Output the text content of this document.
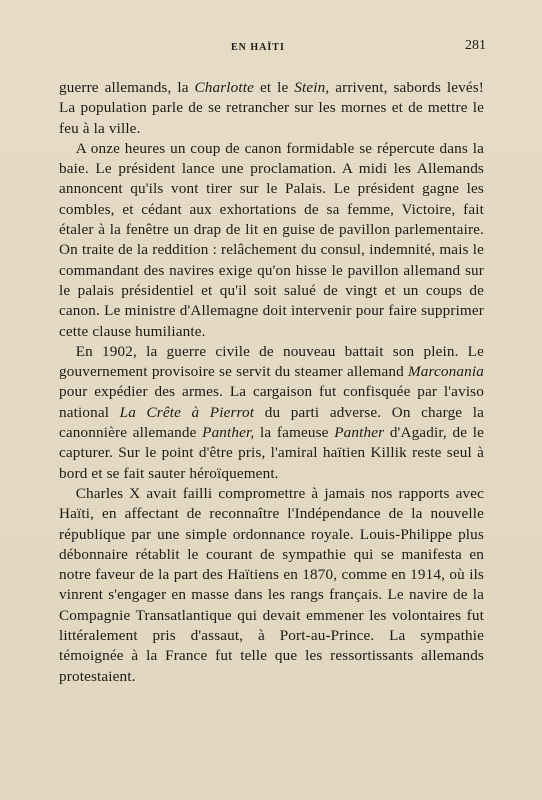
EN HAÏTI	281

guerre allemands, la Charlotte et le Stein, arrivent, sabords levés! La population parle de se retrancher sur les mornes et de mettre le feu à la ville.

A onze heures un coup de canon formidable se répercute dans la baie. Le président lance une proclamation. A midi les Allemands annoncent qu'ils vont tirer sur le Palais. Le président gagne les combles, et cédant aux exhortations de sa femme, Victoire, fait étaler à la fenêtre un drap de lit en guise de pavillon parlementaire. On traite de la reddition : relâchement du consul, indemnité, mais le commandant des navires exige qu'on hisse le pavillon allemand sur le palais présidentiel et qu'il soit salué de vingt et un coups de canon. Le ministre d'Allemagne doit intervenir pour faire supprimer cette clause humiliante.

En 1902, la guerre civile de nouveau battait son plein. Le gouvernement provisoire se servit du steamer allemand Marconania pour expédier des armes. La cargaison fut confisquée par l'aviso national La Crête à Pierrot du parti adverse. On charge la canonnière allemande Panther, la fameuse Panther d'Agadir, de le capturer. Sur le point d'être pris, l'amiral haïtien Killik reste seul à bord et se fait sauter héroïquement.

Charles X avait failli compromettre à jamais nos rapports avec Haïti, en affectant de reconnaître l'Indépendance de la nouvelle république par une simple ordonnance royale. Louis-Philippe plus débonnaire rétablit le courant de sympathie qui se manifesta en notre faveur de la part des Haïtiens en 1870, comme en 1914, où ils vinrent s'engager en masse dans les rangs français. Le navire de la Compagnie Transatlantique qui devait emmener les volontaires fut littéralement pris d'assaut, à Port-au-Prince. La sympathie témoignée à la France fut telle que les ressortissants allemands protestaient.
